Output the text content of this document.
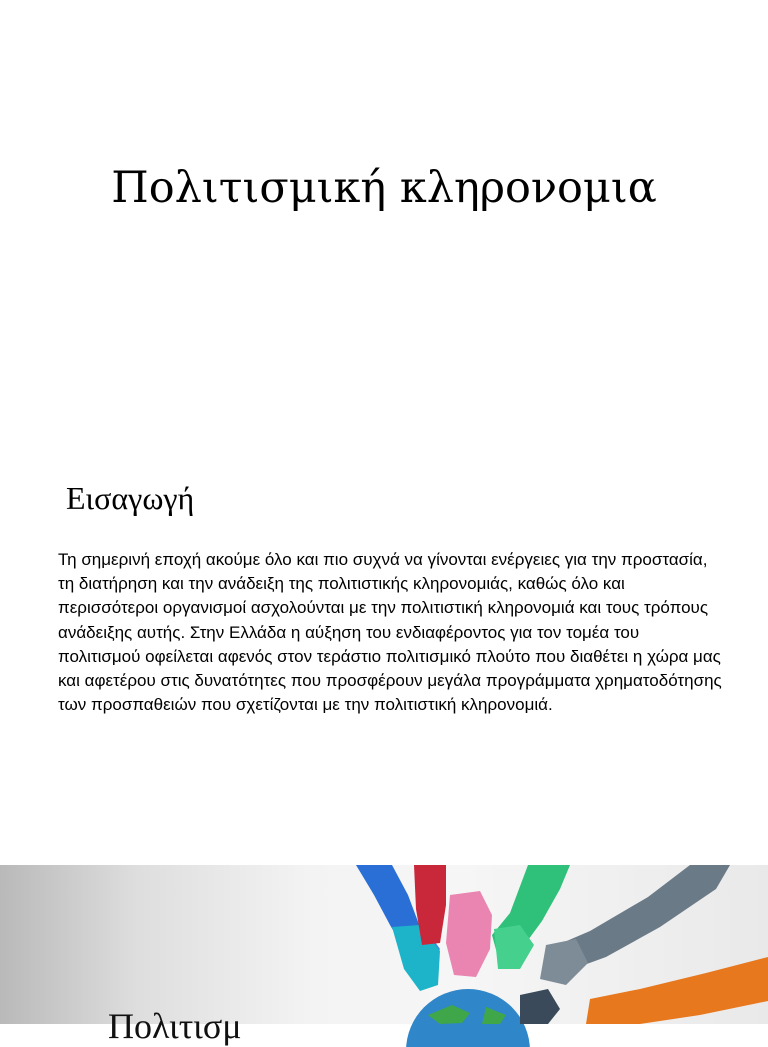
Πολιτισμική κληρονομια
Εισαγωγή

Τη σημερινή εποχή ακούμε όλο και πιο συχνά να γίνονται ενέργειες για την προστασία, τη διατήρηση και την ανάδειξη της πολιτιστικής κληρονομιάς, καθώς όλο και περισσότεροι οργανισμοί ασχολούνται με την πολιτιστική κληρονομιά και τους τρόπους ανάδειξης αυτής. Στην Ελλάδα η αύξηση του ενδιαφέροντος για τον τομέα του πολιτισμού οφείλεται αφενός στον τεράστιο πολιτισμικό πλούτο που διαθέτει η χώρα μας και αφετέρου στις δυνατότητες που προσφέρουν μεγάλα προγράμματα χρηματοδότησης των προσπαθειών που σχετίζονται με την πολιτιστική κληρονομιά.

Πολιτισμ
